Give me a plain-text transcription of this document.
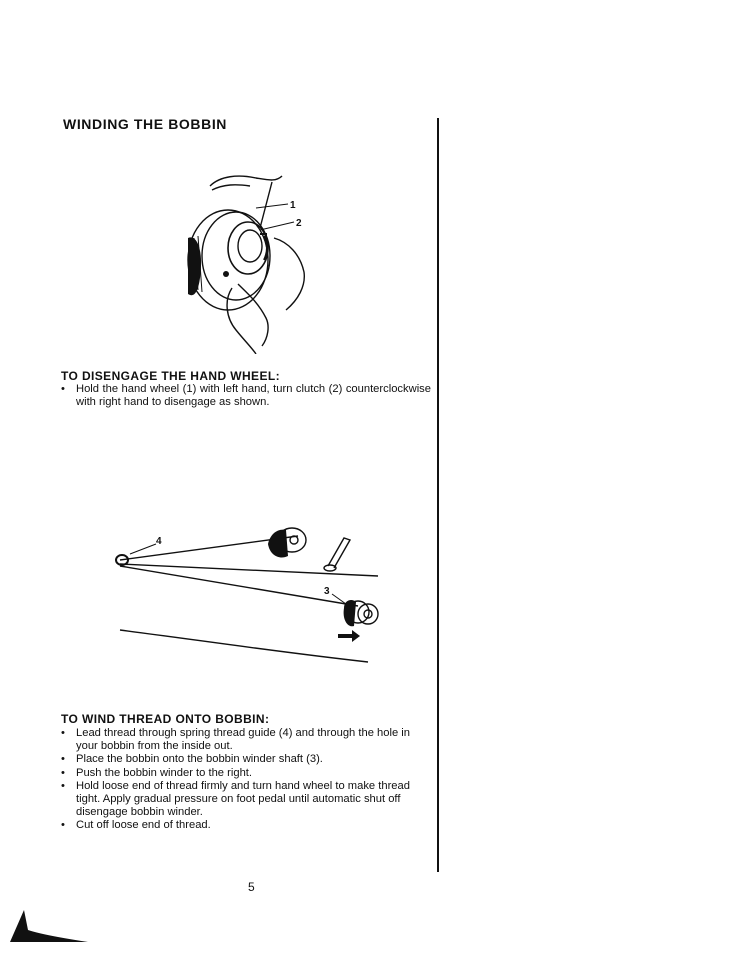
WINDING THE BOBBIN
1
2
TO DISENGAGE THE HAND WHEEL:
• Hold the hand wheel (1) with left hand, turn clutch (2) counterclockwise with right hand to disengage as shown.
4
3
TO WIND THREAD ONTO BOBBIN:
• Lead thread through spring thread guide (4) and through the hole in your bobbin from the inside out.
• Place the bobbin onto the bobbin winder shaft (3).
• Push the bobbin winder to the right.
• Hold loose end of thread firmly and turn hand wheel to make thread tight. Apply gradual pressure on foot pedal until automatic shut off disengage bobbin winder.
• Cut off loose end of thread.
5
